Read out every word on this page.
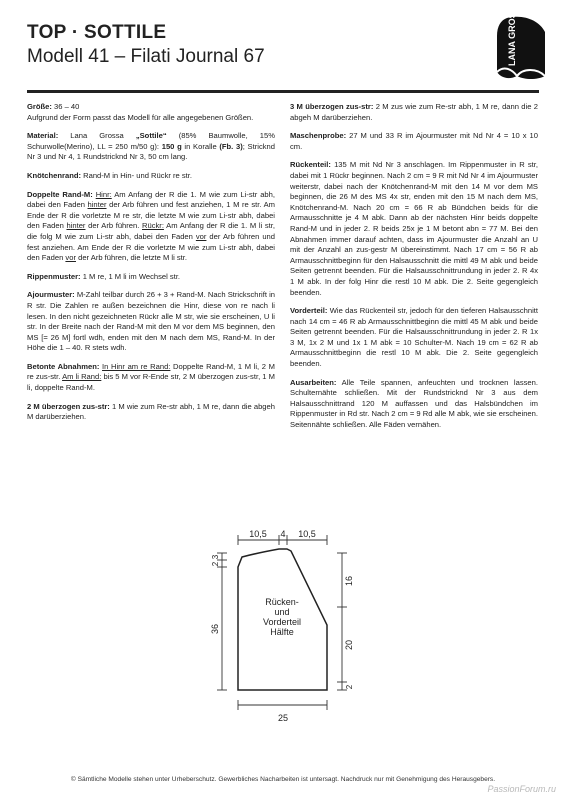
TOP · SOTTILE
Modell 41 – Filati Journal 67	LANA GROSSA

Größe: 36 – 40
Aufgrund der Form passt das Modell für alle angegebenen Größen.

Material: Lana Grossa „Sottile“ (85% Baumwolle, 15% Schurwolle(Merino), LL = 250 m/50 g): 150 g in Koralle (Fb. 3); Stricknd Nr 3 und Nr 4, 1 Rundstricknd Nr 3, 50 cm lang.

Knötchenrand: Rand-M in Hin- und Rückr re str.

Doppelte Rand-M: Hinr: Am Anfang der R die 1. M wie zum Li-str abh, dabei den Faden hinter der Arb führen und fest anziehen, 1 M re str. Am Ende der R die vorletzte M re str, die letzte M wie zum Li-str abh, dabei den Faden hinter der Arb führen. Rückr: Am Anfang der R die 1. M li str, die folg M wie zum Li-str abh, dabei den Faden vor der Arb führen und fest anziehen. Am Ende der R die vorletzte M wie zum Li-str abh, dabei den Faden vor der Arb führen, die letzte M li str.

Rippenmuster: 1 M re, 1 M li im Wechsel str.

Ajourmuster: M-Zahl teilbar durch 26 + 3 + Rand-M. Nach Strickschrift in R str. Die Zahlen re außen bezeichnen die Hinr, diese von re nach li lesen. In den nicht gezeichneten Rückr alle M str, wie sie erscheinen, U li str. In der Breite nach der Rand-M mit den M vor dem MS beginnen, den MS [= 26 M] fortl wdh, enden mit den M nach dem MS, Rand-M. In der Höhe die 1 – 40. R stets wdh.

Betonte Abnahmen: In Hinr am re Rand: Doppelte Rand-M, 1 M li, 2 M re zus-str. Am li Rand: bis 5 M vor R-Ende str, 2 M überzogen zus-str, 1 M li, doppelte Rand-M.

2 M überzogen zus-str: 1 M wie zum Re-str abh, 1 M re, dann die abgeh M darüberziehen.

3 M überzogen zus-str: 2 M zus wie zum Re-str abh, 1 M re, dann die 2 abgeh M darüberziehen.

Maschenprobe: 27 M und 33 R im Ajourmuster mit Nd Nr 4 = 10 x 10 cm.

Rückenteil: 135 M mit Nd Nr 3 anschlagen. Im Rippenmuster in R str, dabei mit 1 Rückr beginnen. Nach 2 cm = 9 R mit Nd Nr 4 im Ajourmuster weiterstr, dabei nach der Knötchenrand-M mit den 14 M vor dem MS beginnen, die 26 M des MS 4x str, enden mit den 15 M nach dem MS, Knötchenrand-M. Nach 20 cm = 66 R ab Bündchen beids für die Armausschnitte je 4 M abk. Dann ab der nächsten Hinr beids doppelte Rand-M und in jeder 2. R beids 25x je 1 M betont abn = 77 M. Bei den Abnahmen immer darauf achten, dass im Ajourmuster die Anzahl an U mit der Anzahl an zus-gestr M übereinstimmt. Nach 17 cm = 56 R ab Armausschnittbeginn für den Halsausschnitt die mittl 49 M abk und beide Seiten getrennt beenden. Für die Halsausschnittrundung in jeder 2. R 4x 1 M abk. In der folg Hinr die restl 10 M abk. Die 2. Seite gegengleich beenden.

Vorderteil: Wie das Rückenteil str, jedoch für den tieferen Halsausschnitt nach 14 cm = 46 R ab Armausschnittbeginn die mittl 45 M abk und beide Seiten getrennt beenden. Für die Halsausschnittrundung in jeder 2. R 1x 3 M, 1x 2 M und 1x 1 M abk = 10 Schulter-M. Nach 19 cm = 62 R ab Armausschnittbeginn die restl 10 M abk. Die 2. Seite gegengleich beenden.

Ausarbeiten: Alle Teile spannen, anfeuchten und trocknen lassen. Schulternähte schließen. Mit der Rundstricknd Nr 3 aus dem Halsausschnittrand 120 M auffassen und das Halsbündchen im Rippenmuster in Rd str. Nach 2 cm = 9 Rd alle M abk, wie sie erscheinen. Seitennähte schließen. Alle Fäden vernähen.

10,5 4 10,5
25
Rücken-
und
Vorderteil
Hälfte
3
2
36
16
20
2
© Sämtliche Modelle stehen unter Urheberschutz. Gewerbliches Nacharbeiten ist untersagt. Nachdruck nur mit Genehmigung des Herausgebers.
PassionForum.ru
